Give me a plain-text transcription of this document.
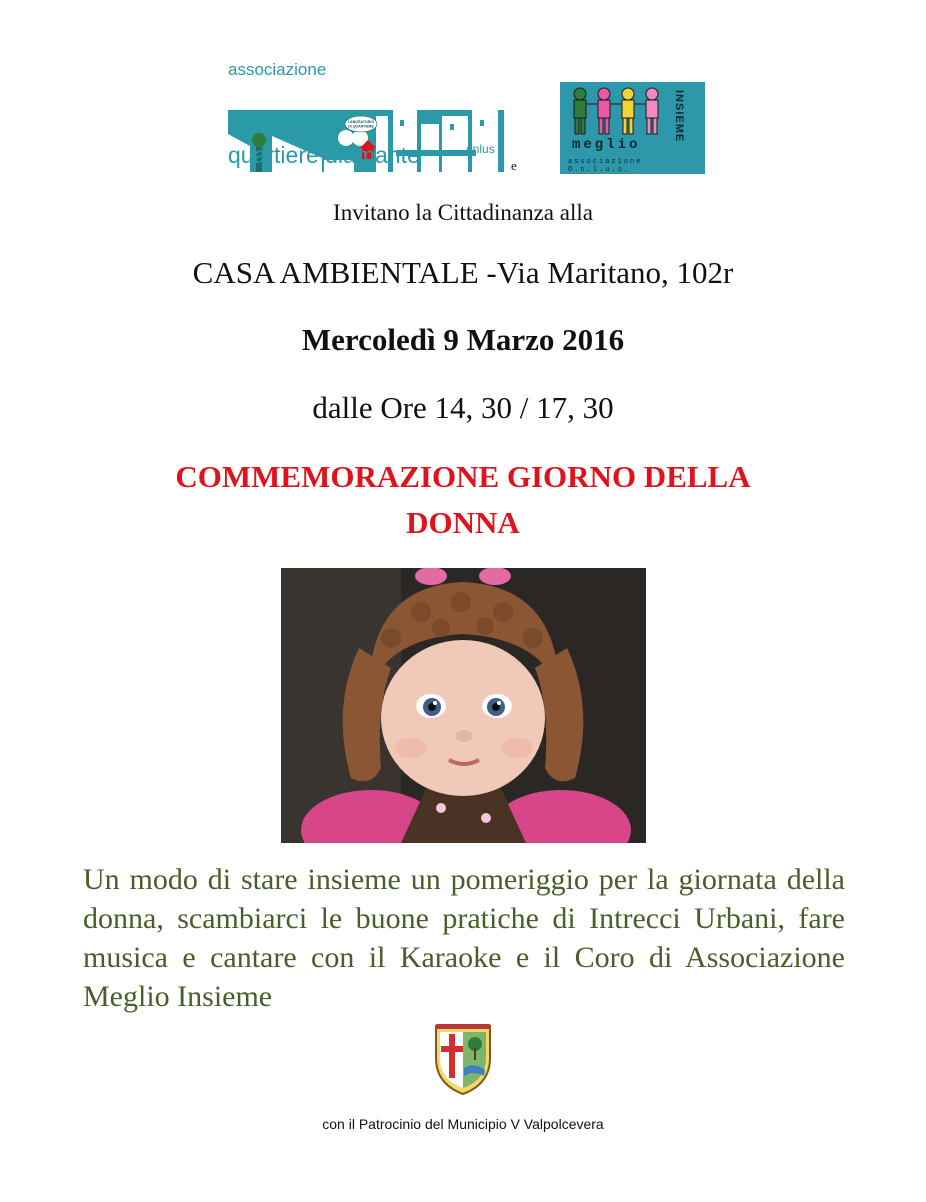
associazione
LABORATORIO
DI QUARTIERE
quartiere diamante	onlus
e
meglio
INSIEME
associazione O.n.l.u.s.
Invitano la Cittadinanza alla
CASA AMBIENTALE -Via Maritano, 102r
Mercoledì 9 Marzo 2016
dalle Ore 14, 30 / 17, 30
COMMEMORAZIONE GIORNO DELLA
DONNA
Un modo di stare insieme un pomeriggio per la giornata della donna, scambiarci le buone pratiche di Intrecci Urbani, fare musica e cantare con il Karaoke e il Coro di Associazione Meglio Insieme
con il Patrocinio del Municipio V Valpolcevera
